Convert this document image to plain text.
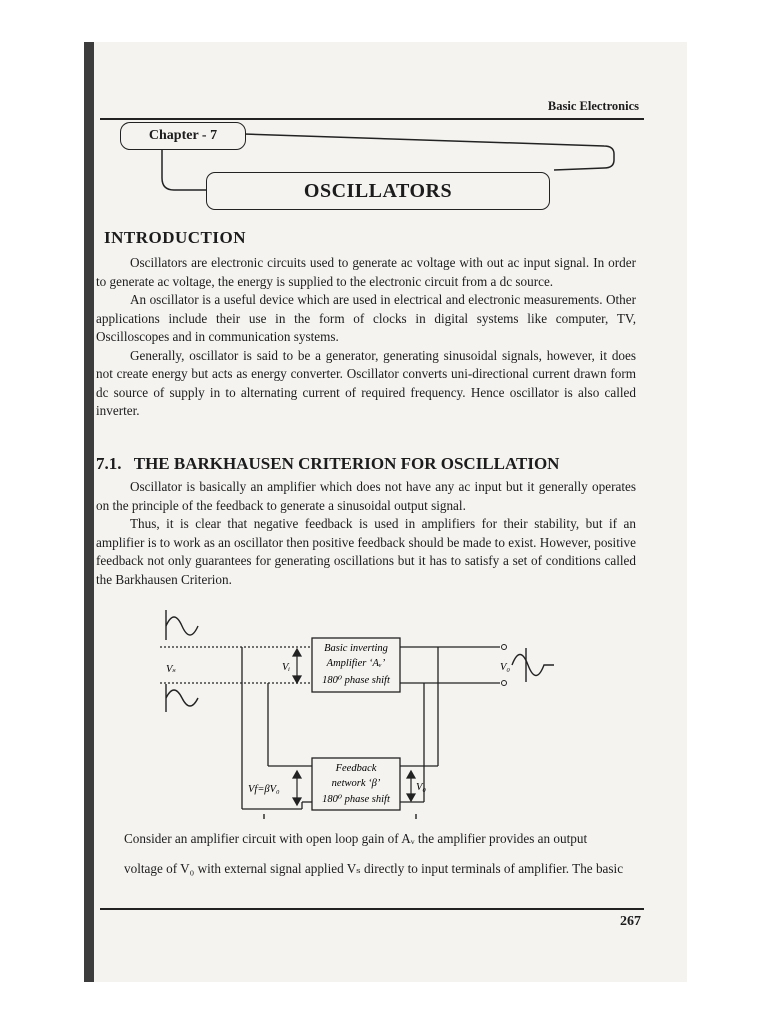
Basic Electronics
Chapter - 7
OSCILLATORS
INTRODUCTION

Oscillators are electronic circuits used to generate ac voltage with out ac input signal. In order to generate ac voltage, the energy is supplied to the electronic circuit from a dc source.

An oscillator is a useful device which are used in electrical and electronic measurements. Other applications include their use in the form of clocks in digital systems like computer, TV, Oscilloscopes and in communication systems.

Generally, oscillator is said to be a generator, generating sinusoidal signals, however, it does not create energy but acts as energy converter. Oscillator converts uni-directional current drawn form dc source of supply in to alternating current of required frequency. Hence oscillator is also called inverter.

7.1. THE BARKHAUSEN CRITERION FOR OSCILLATION

Oscillator is basically an amplifier which does not have any ac input but it generally operates on the principle of the feedback to generate a sinusoidal output signal.

Thus, it is clear that negative feedback is used in amplifiers for their stability, but if an amplifier is to work as an oscillator then positive feedback should be made to exist. However, positive feedback not only guarantees for generating oscillations but it has to satisfy a set of conditions called the Barkhausen Criterion.

Vₛ
Basic inverting
Amplifier ‘Aᵥ’
180⁰ phase shift
Vᵢ
Feedback
network ‘β’
180⁰ phase shift
Vf=βV₀	V₀
V₀
Consider an amplifier circuit with open loop gain of Aᵥ the amplifier provides an output
voltage of V₀ with external signal applied Vₛ directly to input terminals of amplifier. The basic
267
